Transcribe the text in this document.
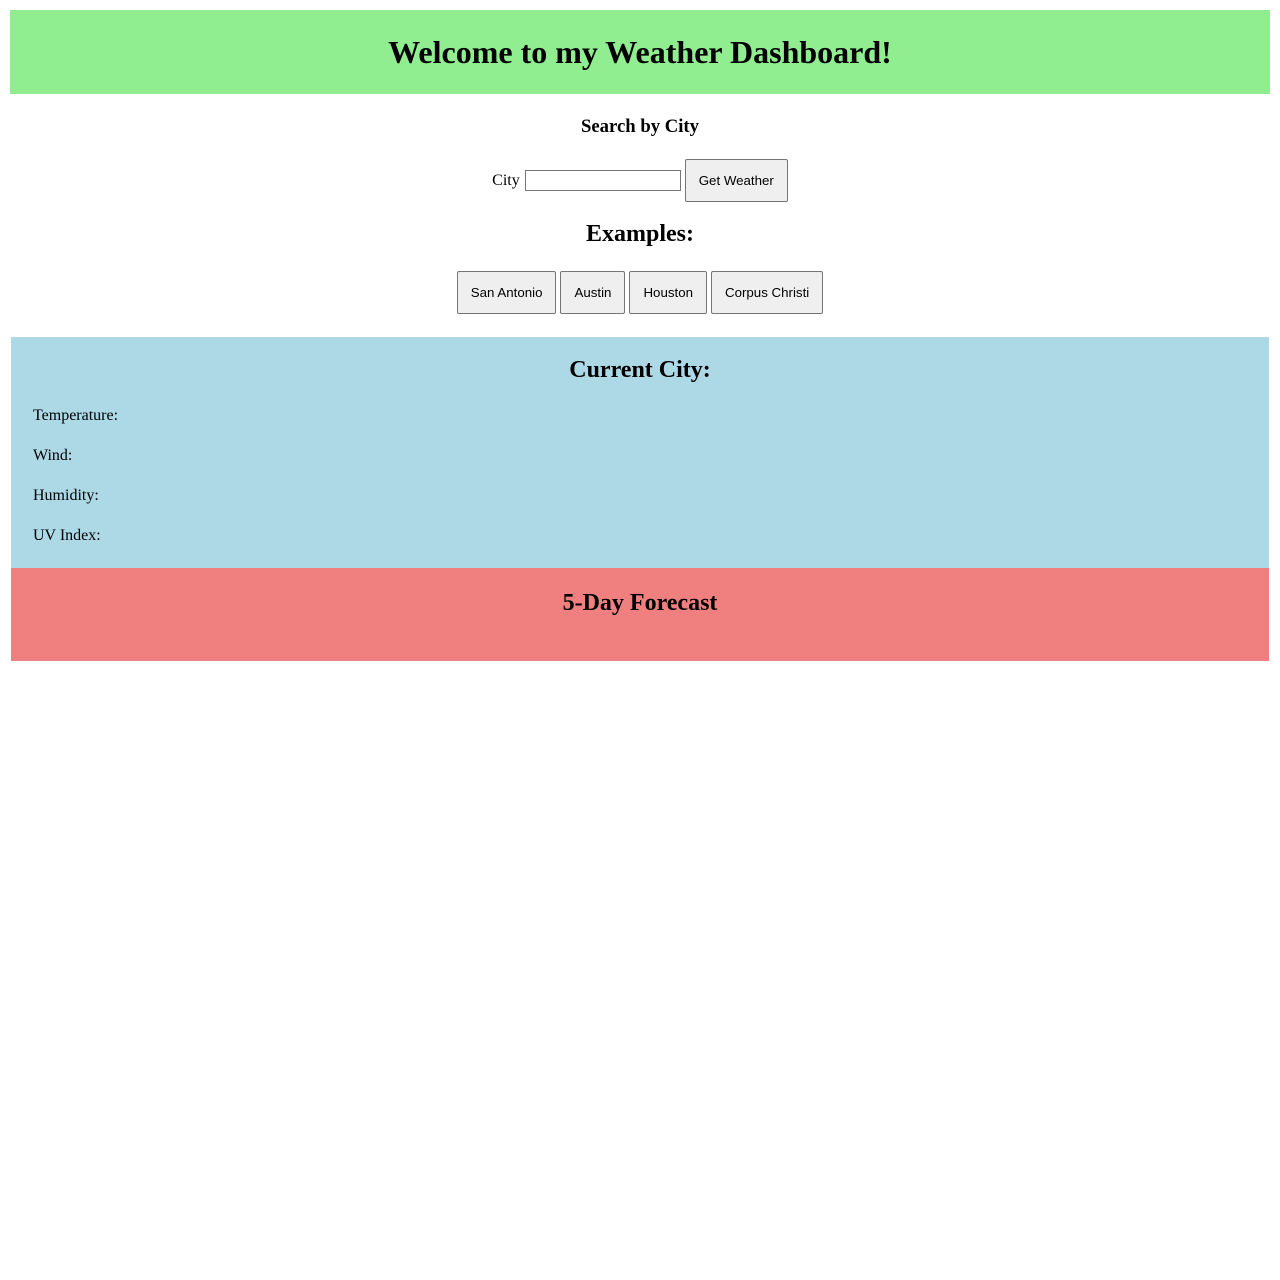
Welcome to my Weather Dashboard!
Search by City
City	Get Weather
Examples:
San Antonio	Austin	Houston	Corpus Christi
Current City:
Temperature:
Wind:
Humidity:
UV Index:
5-Day Forecast
